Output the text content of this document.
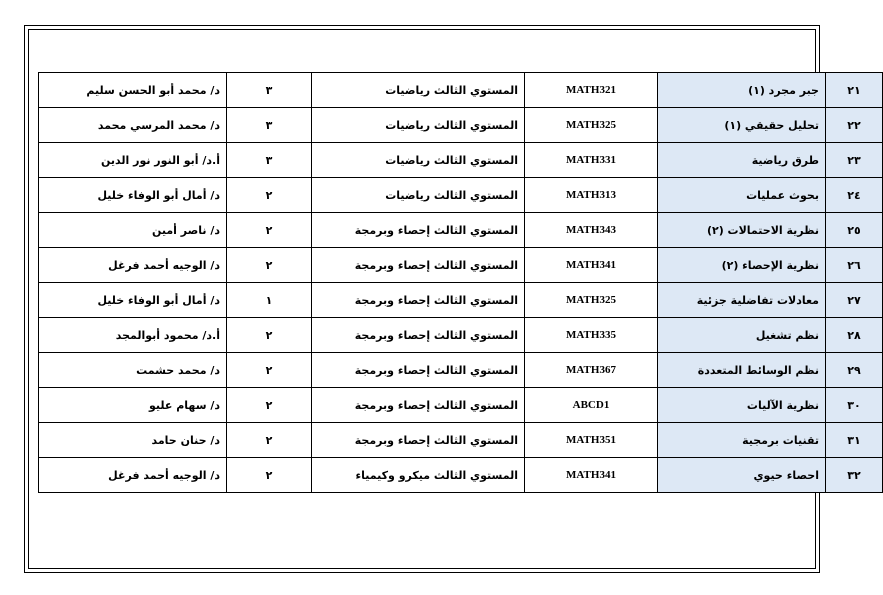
٢١	جبر مجرد (١)	MATH321	المستوي الثالث رياضيات	٣	د/ محمد أبو الحسن سليم
٢٢	تحليل حقيقي (١)	MATH325	المستوي الثالث رياضيات	٣	د/ محمد المرسي محمد
٢٣	طرق رياضية	MATH331	المستوي الثالث رياضيات	٣	أ.د/ أبو النور نور الدين
٢٤	بحوث عمليات	MATH313	المستوي الثالث رياضيات	٢	د/ أمال أبو الوفاء خليل
٢٥	نظرية الاحتمالات (٢)	MATH343	المستوي الثالث إحصاء وبرمجة	٢	د/ ناصر أمين
٢٦	نظرية الإحصاء (٢)	MATH341	المستوي الثالث إحصاء وبرمجة	٢	د/ الوجيه أحمد فرغل
٢٧	معادلات تفاضلية جزئية	MATH325	المستوي الثالث إحصاء وبرمجة	١	د/ أمال أبو الوفاء خليل
٢٨	نظم تشغيل	MATH335	المستوي الثالث إحصاء وبرمجة	٢	أ.د/ محمود أبوالمجد
٢٩	نظم الوسائط المتعددة	MATH367	المستوي الثالث إحصاء وبرمجة	٢	د/ محمد حشمت
٣٠	نظرية الآليات	ABCD1	المستوي الثالث إحصاء وبرمجة	٢	د/ سهام عليو
٣١	تقنيات برمجية	MATH351	المستوي الثالث إحصاء وبرمجة	٢	د/ حنان حامد
٣٢	احصاء حيوي	MATH341	المستوي الثالث ميكرو وكيمياء	٢	د/ الوجيه أحمد فرغل
